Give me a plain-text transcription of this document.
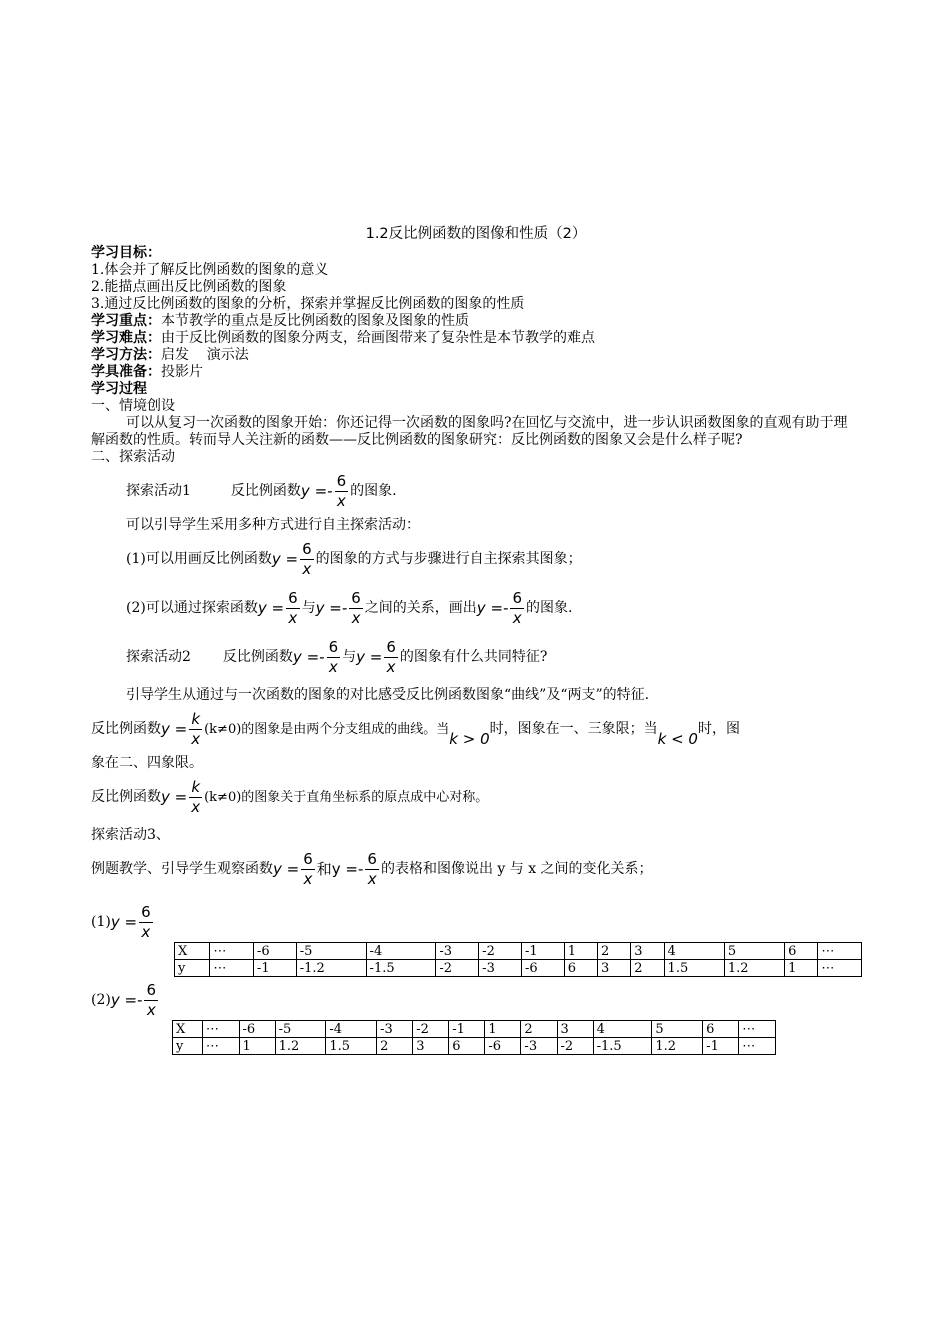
1.2反比例函数的图像和性质（2）
学习目标：
1.体会并了解反比例函数的图象的意义
2.能描点画出反比例函数的图象
3.通过反比例函数的图象的分析，探索并掌握反比例函数的图象的性质
学习重点：本节教学的重点是反比例函数的图象及图象的性质
学习难点：由于反比例函数的图象分两支，给画图带来了复杂性是本节教学的难点
学习方法：启发    演示法
学具准备：投影片
学习过程
一、情境创设
可以从复习一次函数的图象开始：你还记得一次函数的图象吗?在回忆与交流中，进一步认识函数图象的直观有助于理解函数的性质。转而导人关注新的函数——反比例函数的图象研究：反比例函数的图象又会是什么样子呢?
二、探索活动
探索活动1	反比例函数 $y =- \frac{6}{x}$ 的图象.
可以引导学生采用多种方式进行自主探索活动：
(1)可以用画反比例函数 $y = \frac{6}{x}$ 的图象的方式与步骤进行自主探索其图象；
(2)可以通过探索函数 $y = \frac{6}{x}$ 与 $y =- \frac{6}{x}$ 之间的关系，画出 $y =- \frac{6}{x}$ 的图象.
探索活动2 反比例函数 $y =- \frac{6}{x}$ 与 $y = \frac{6}{x}$ 的图象有什么共同特征?
引导学生从通过与一次函数的图象的对比感受反比例函数图象“曲线”及“两支”的特征.
反比例函数 $y = \frac{k}{x} (k\ne 0)$的图象是由两个分支组成的曲线。当
k > 0
时，图象在一、三象限；当
k < 0
时，图
象在二、四象限。
反比例函数 $y = \frac{k}{x} (k\ne 0)$的图象关于直角坐标系的原点成中心对称。
探索活动3、
例题教学、引导学生观察函数 $y = \frac{6}{x}$ 和$y =- \frac{6}{x}$ 的表格和图像说出 y 与 x 之间的变化关系；
(1) $y = \frac{6}{x}$
X	⋯	-6	-5	-4	-3	-2	-1	1	2	3	4	5	6	⋯
y	⋯	-1	-1.2	-1.5	-2	-3	-6	6	3	2	1.5	1.2	1	⋯
(2) $y =- \frac{6}{x}$
X	⋯	-6	-5	-4	-3	-2	-1	1	2	3	4	5	6	⋯
y	⋯	1	1.2	1.5	2	3	6	-6	-3	-2	-1.5	1.2	-1	⋯
